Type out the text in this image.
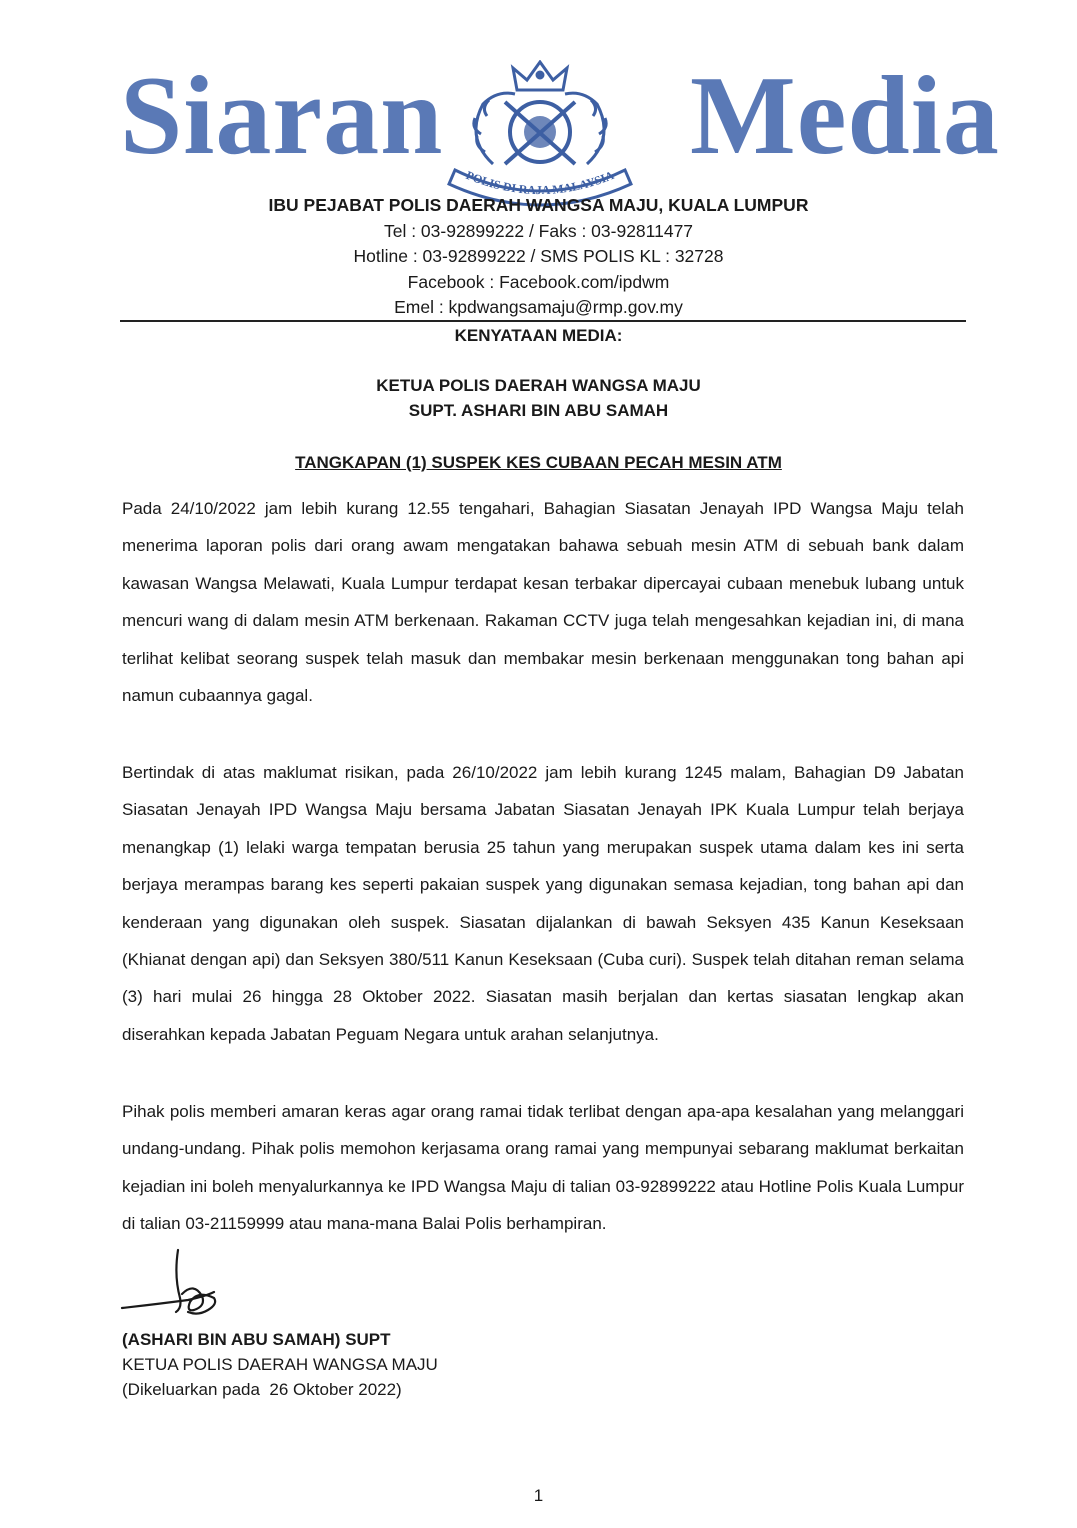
Siaran POLIS DI RAJA MALAYSIA Media
IBU PEJABAT POLIS DAERAH WANGSA MAJU, KUALA LUMPUR
Tel : 03-92899222 / Faks : 03-92811477
Hotline : 03-92899222 / SMS POLIS KL : 32728
Facebook : Facebook.com/ipdwm
Emel : kpdwangsamaju@rmp.gov.my
KENYATAAN MEDIA:
KETUA POLIS DAERAH WANGSA MAJU
SUPT. ASHARI BIN ABU SAMAH
TANGKAPAN (1) SUSPEK KES CUBAAN PECAH MESIN ATM
Pada 24/10/2022 jam lebih kurang 12.55 tengahari, Bahagian Siasatan Jenayah IPD Wangsa Maju telah menerima laporan polis dari orang awam mengatakan bahawa sebuah mesin ATM di sebuah bank dalam kawasan Wangsa Melawati, Kuala Lumpur terdapat kesan terbakar dipercayai cubaan menebuk lubang untuk mencuri wang di dalam mesin ATM berkenaan. Rakaman CCTV juga telah mengesahkan kejadian ini, di mana terlihat kelibat seorang suspek telah masuk dan membakar mesin berkenaan menggunakan tong bahan api namun cubaannya gagal.
Bertindak di atas maklumat risikan, pada 26/10/2022 jam lebih kurang 1245 malam, Bahagian D9 Jabatan Siasatan Jenayah IPD Wangsa Maju bersama Jabatan Siasatan Jenayah IPK Kuala Lumpur telah berjaya menangkap (1) lelaki warga tempatan berusia 25 tahun yang merupakan suspek utama dalam kes ini serta berjaya merampas barang kes seperti pakaian suspek yang digunakan semasa kejadian, tong bahan api dan kenderaan yang digunakan oleh suspek. Siasatan dijalankan di bawah Seksyen 435 Kanun Keseksaan (Khianat dengan api) dan Seksyen 380/511 Kanun Keseksaan (Cuba curi). Suspek telah ditahan reman selama (3) hari mulai 26 hingga 28 Oktober 2022. Siasatan masih berjalan dan kertas siasatan lengkap akan diserahkan kepada Jabatan Peguam Negara untuk arahan selanjutnya.
Pihak polis memberi amaran keras agar orang ramai tidak terlibat dengan apa-apa kesalahan yang melanggari undang-undang. Pihak polis memohon kerjasama orang ramai yang mempunyai sebarang maklumat berkaitan kejadian ini boleh menyalurkannya ke IPD Wangsa Maju di talian 03-92899222 atau Hotline Polis Kuala Lumpur di talian 03-21159999 atau mana-mana Balai Polis berhampiran.
(ASHARI BIN ABU SAMAH) SUPT
KETUA POLIS DAERAH WANGSA MAJU
(Dikeluarkan pada  26 Oktober 2022)
1
